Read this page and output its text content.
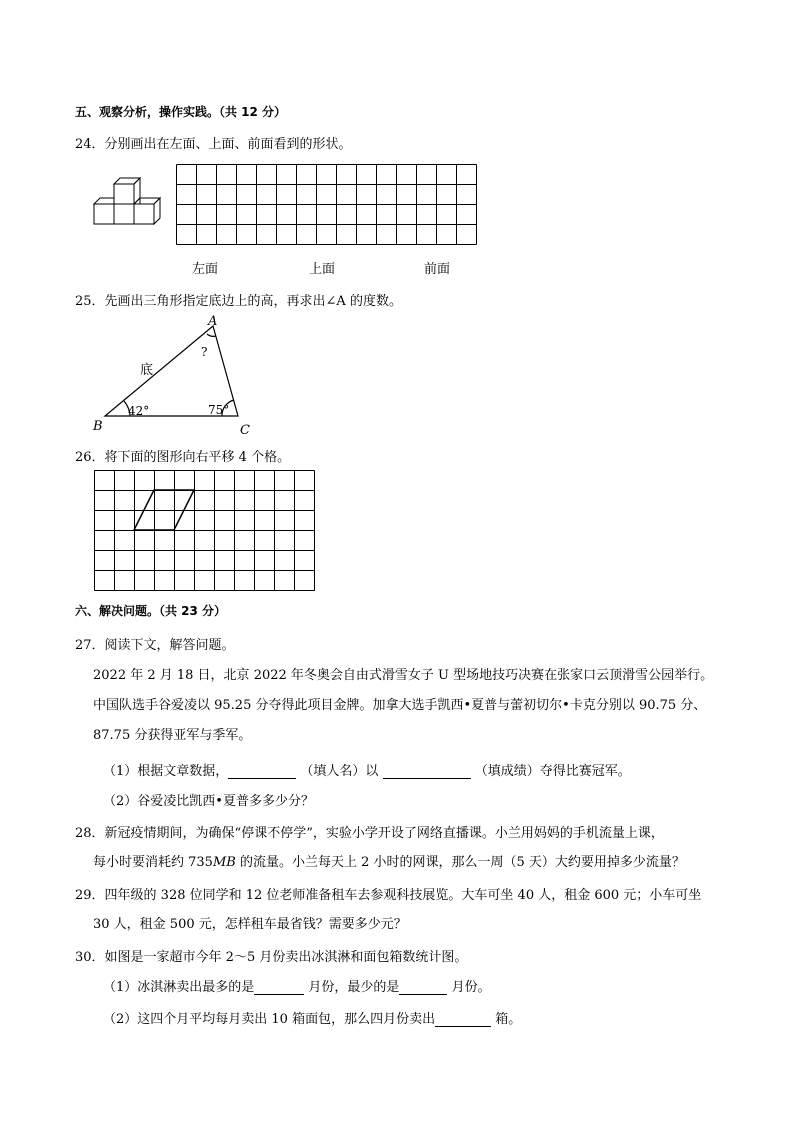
五、观察分析，操作实践。（共 12 分）
24．分别画出在左面、上面、前面看到的形状。
左面	上面	前面
25．先画出三角形指定底边上的高，再求出∠A 的度数。
A
B	C
底
42°	75°
?
26．将下面的图形向右平移 4 个格。
六、解决问题。（共 23 分）
27．阅读下文，解答问题。
2022 年 2 月 18 日，北京 2022 年冬奥会自由式滑雪女子 U 型场地技巧决赛在张家口云顶滑雪公园举行。
中国队选手谷爱凌以 95.25 分夺得此项目金牌。加拿大选手凯西•夏普与蕾初切尔•卡克分别以 90.75 分、
87.75 分获得亚军与季军。
（1）根据文章数据，	（填人名）以	（填成绩）夺得比赛冠军。
（2）谷爱凌比凯西•夏普多多少分？
28．新冠疫情期间，为确保“停课不停学”，实验小学开设了网络直播课。小兰用妈妈的手机流量上课，
每小时要消耗约 735MB 的流量。小兰每天上 2 小时的网课，那么一周（5 天）大约要用掉多少流量？
29．四年级的 328 位同学和 12 位老师准备租车去参观科技展览。大车可坐 40 人，租金 600 元；小车可坐
30 人，租金 500 元，怎样租车最省钱？需要多少元？
30．如图是一家超市今年 2～5 月份卖出冰淇淋和面包箱数统计图。
（1）冰淇淋卖出最多的是	月份，最少的是	月份。
（2）这四个月平均每月卖出 10 箱面包，那么四月份卖出	箱。
